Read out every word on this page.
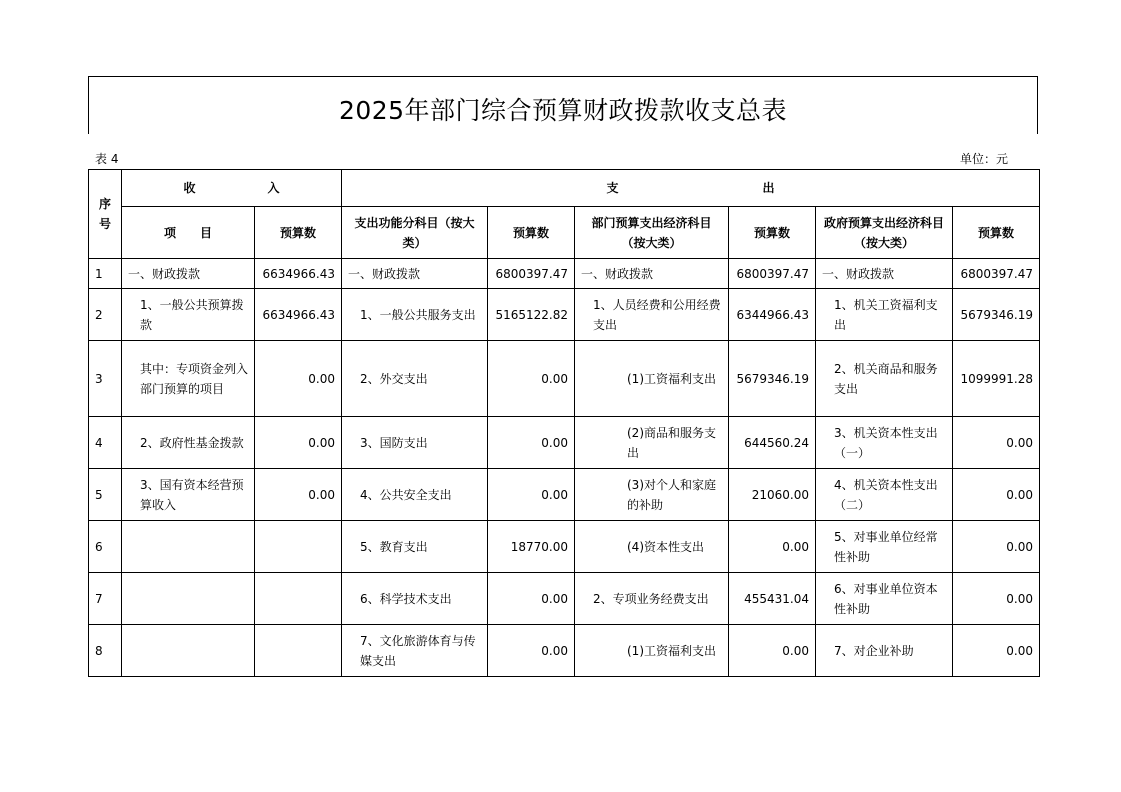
2025年部门综合预算财政拨款收支总表
表 4	单位：元
序号	收　　　　　　入		支　　　　　　　　　　　　出					
	项　　目	预算数	支出功能分科目（按大类）	预算数	部门预算支出经济科目（按大类）	预算数	政府预算支出经济科目（按大类）	预算数
1	一、财政拨款	6634966.43	一、财政拨款	6800397.47	一、财政拨款	6800397.47	一、财政拨款	6800397.47
2	1、一般公共预算拨款	6634966.43	1、一般公共服务支出	5165122.82	1、人员经费和公用经费支出	6344966.43	1、机关工资福利支出	5679346.19
3	其中：专项资金列入部门预算的项目	0.00	2、外交支出	0.00	(1)工资福利支出	5679346.19	2、机关商品和服务支出	1099991.28
4	2、政府性基金拨款	0.00	3、国防支出	0.00	(2)商品和服务支出	644560.24	3、机关资本性支出（一）	0.00
5	3、国有资本经营预算收入	0.00	4、公共安全支出	0.00	(3)对个人和家庭的补助	21060.00	4、机关资本性支出（二）	0.00
6			5、教育支出	18770.00	(4)资本性支出	0.00	5、对事业单位经常性补助	0.00
7			6、科学技术支出	0.00	2、专项业务经费支出	455431.04	6、对事业单位资本性补助	0.00
8			7、文化旅游体育与传媒支出	0.00	(1)工资福利支出	0.00	7、对企业补助	0.00
